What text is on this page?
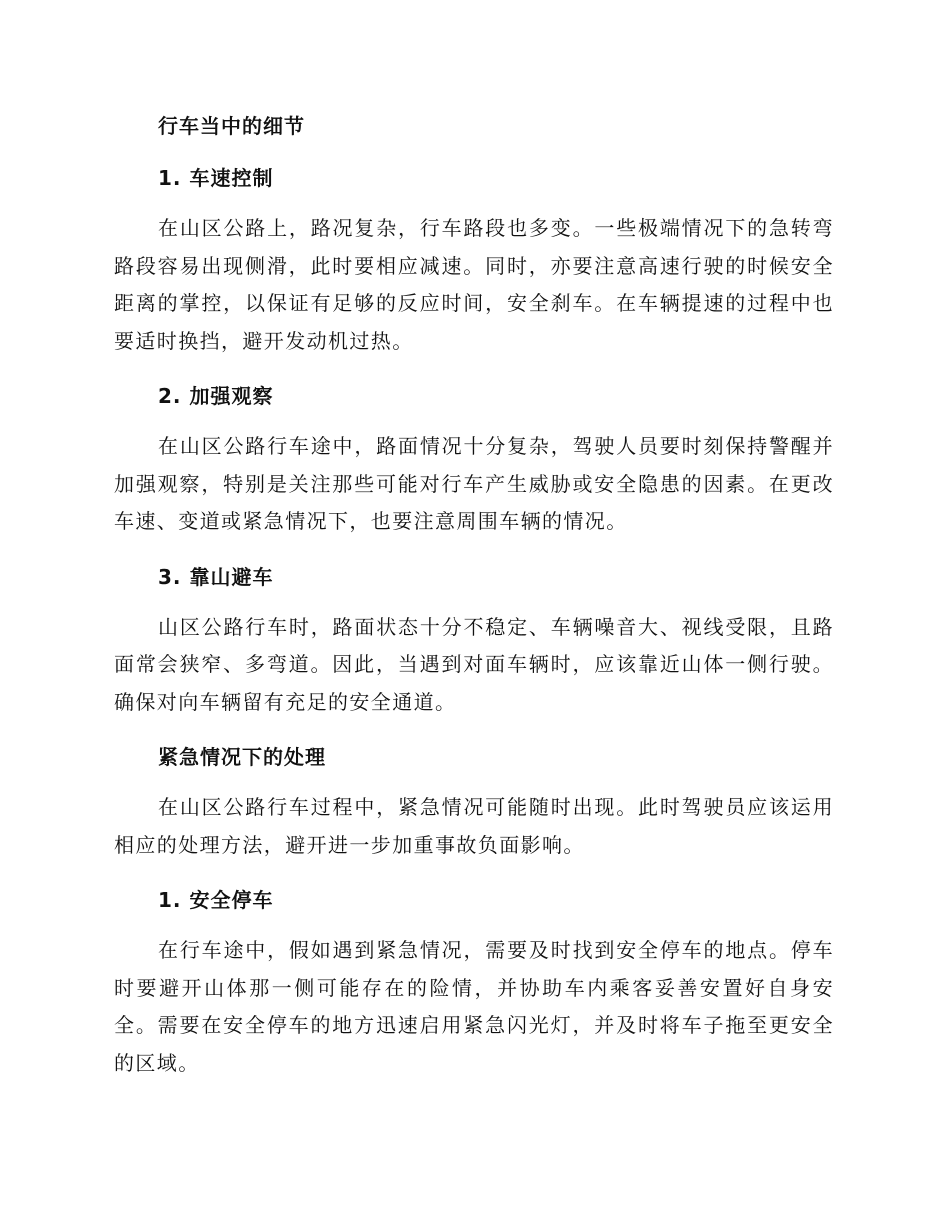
行车当中的细节
1. 车速控制

在山区公路上，路况复杂，行车路段也多变。一些极端情况下的急转弯路段容易出现侧滑，此时要相应减速。同时，亦要注意高速行驶的时候安全距离的掌控，以保证有足够的反应时间，安全刹车。在车辆提速的过程中也要适时换挡，避开发动机过热。

2. 加强观察

在山区公路行车途中，路面情况十分复杂，驾驶人员要时刻保持警醒并加强观察，特别是关注那些可能对行车产生威胁或安全隐患的因素。在更改车速、变道或紧急情况下，也要注意周围车辆的情况。

3. 靠山避车

山区公路行车时，路面状态十分不稳定、车辆噪音大、视线受限，且路面常会狭窄、多弯道。因此，当遇到对面车辆时，应该靠近山体一侧行驶。确保对向车辆留有充足的安全通道。

紧急情况下的处理

在山区公路行车过程中，紧急情况可能随时出现。此时驾驶员应该运用相应的处理方法，避开进一步加重事故负面影响。

1. 安全停车

在行车途中，假如遇到紧急情况，需要及时找到安全停车的地点。停车时要避开山体那一侧可能存在的险情，并协助车内乘客妥善安置好自身安全。需要在安全停车的地方迅速启用紧急闪光灯，并及时将车子拖至更安全的区域。
